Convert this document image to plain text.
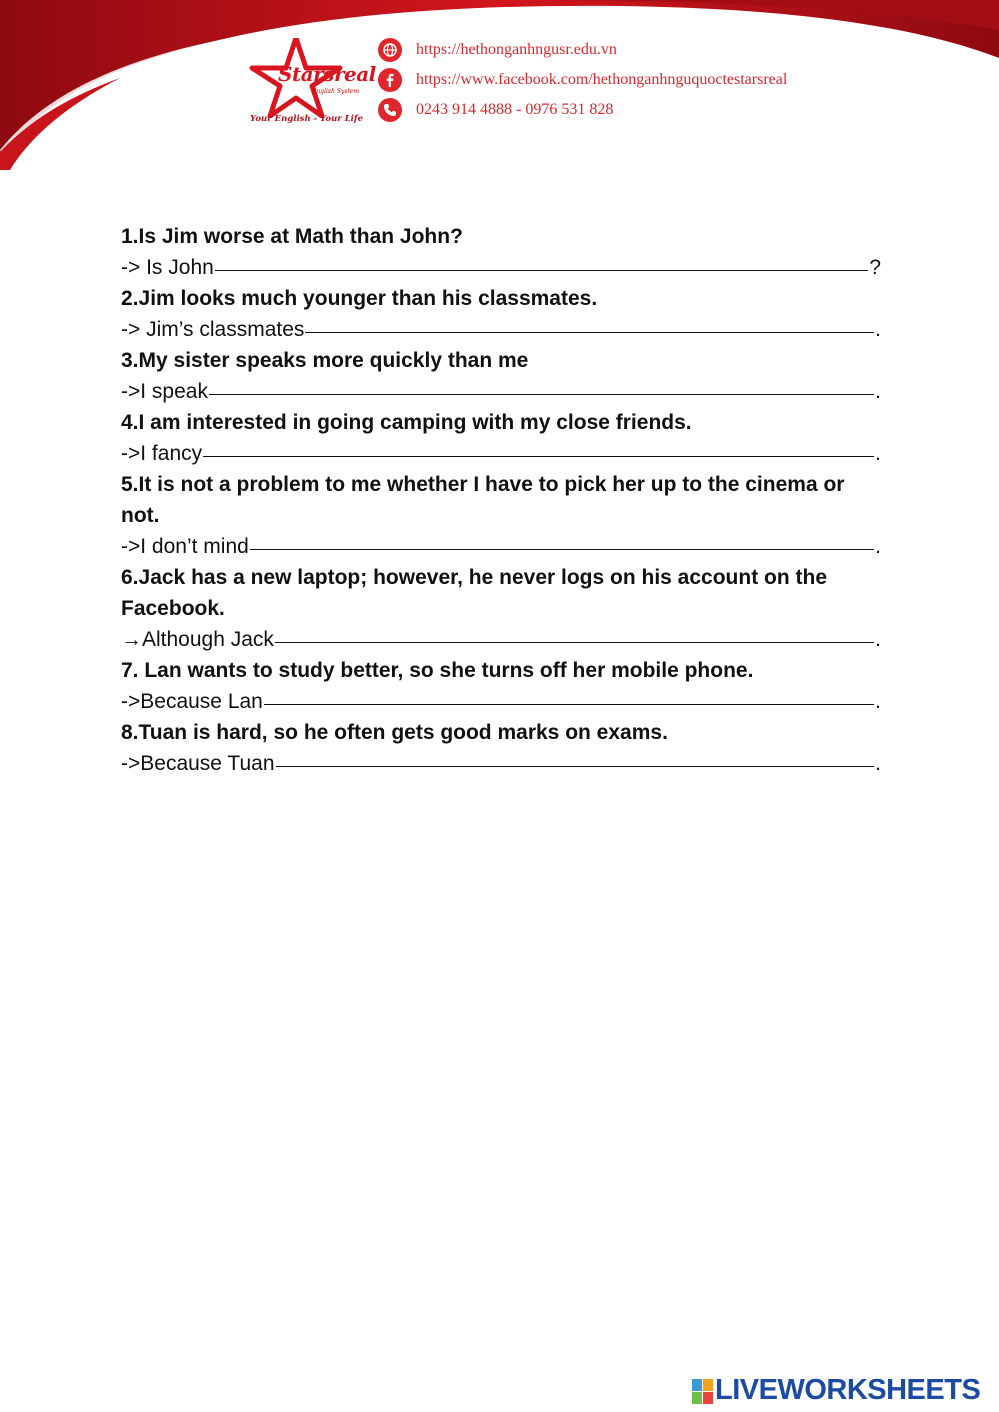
Starsreal
English System
Your English - Your Life
https://hethonganhngusr.edu.vn
https://www.facebook.com/hethonganhnguquoctestarsreal
0243 914 4888 - 0976 531 828
1.Is Jim worse at Math than John?
-> Is John	?
2.Jim looks much younger than his classmates.
-> Jim’s classmates	.
3.My sister speaks more quickly than me
->I speak	.
4.I am interested in going camping with my close friends.
->I fancy	.
5.It is not a problem to me whether I have to pick her up to the cinema or not.
->I don’t mind	.
6.Jack has a new laptop; however, he never logs on his account on the Facebook.
→Although Jack	.
7. Lan wants to study better, so she turns off her mobile phone.
->Because Lan	.
8.Tuan is hard, so he often gets good marks on exams.
->Because Tuan	.
LIVEWORKSHEETS
